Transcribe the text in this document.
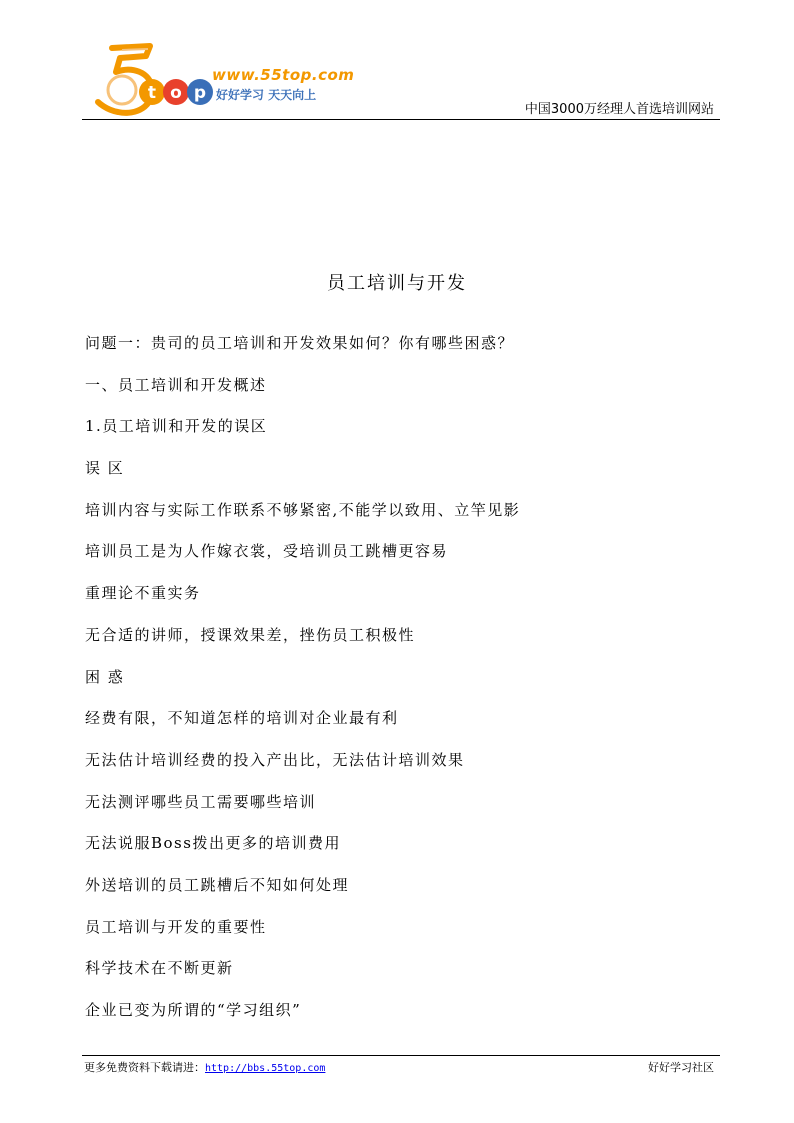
t o p
www.55top.com
好好学习 天天向上
中国3000万经理人首选培训网站
员工培训与开发
问题一：贵司的员工培训和开发效果如何？你有哪些困惑？
一、员工培训和开发概述
1.员工培训和开发的误区
误 区
培训内容与实际工作联系不够紧密,不能学以致用、立竿见影
培训员工是为人作嫁衣裳，受培训员工跳槽更容易
重理论不重实务
无合适的讲师，授课效果差，挫伤员工积极性
困 惑
经费有限，不知道怎样的培训对企业最有利
无法估计培训经费的投入产出比，无法估计培训效果
无法测评哪些员工需要哪些培训
无法说服Boss拨出更多的培训费用
外送培训的员工跳槽后不知如何处理
员工培训与开发的重要性
科学技术在不断更新
企业已变为所谓的“学习组织”
更多免费资料下载请进：http://bbs.55top.com	好好学习社区
